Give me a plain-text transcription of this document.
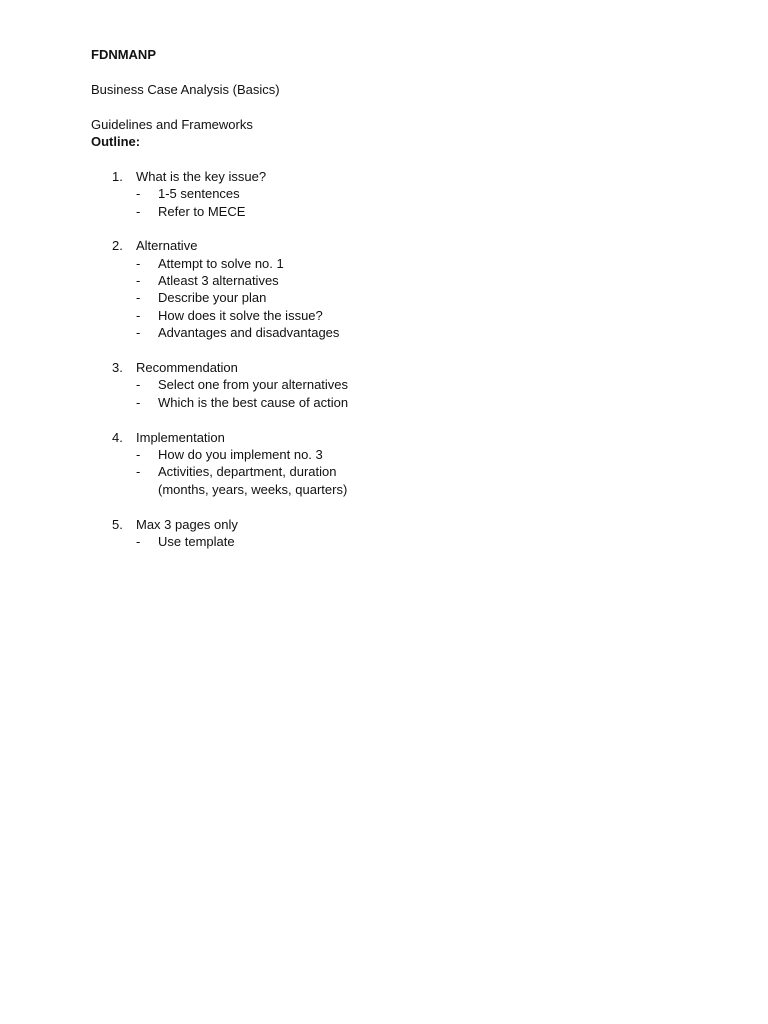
FDNMANP
Business Case Analysis (Basics)
Guidelines and Frameworks
Outline:
1. What is the key issue?
- 1-5 sentences
- Refer to MECE
2. Alternative
- Attempt to solve no. 1
- Atleast 3 alternatives
- Describe your plan
- How does it solve the issue?
- Advantages and disadvantages
3. Recommendation
- Select one from your alternatives
- Which is the best cause of action
4. Implementation
- How do you implement no. 3
- Activities, department, duration
(months, years, weeks, quarters)
5. Max 3 pages only
- Use template
